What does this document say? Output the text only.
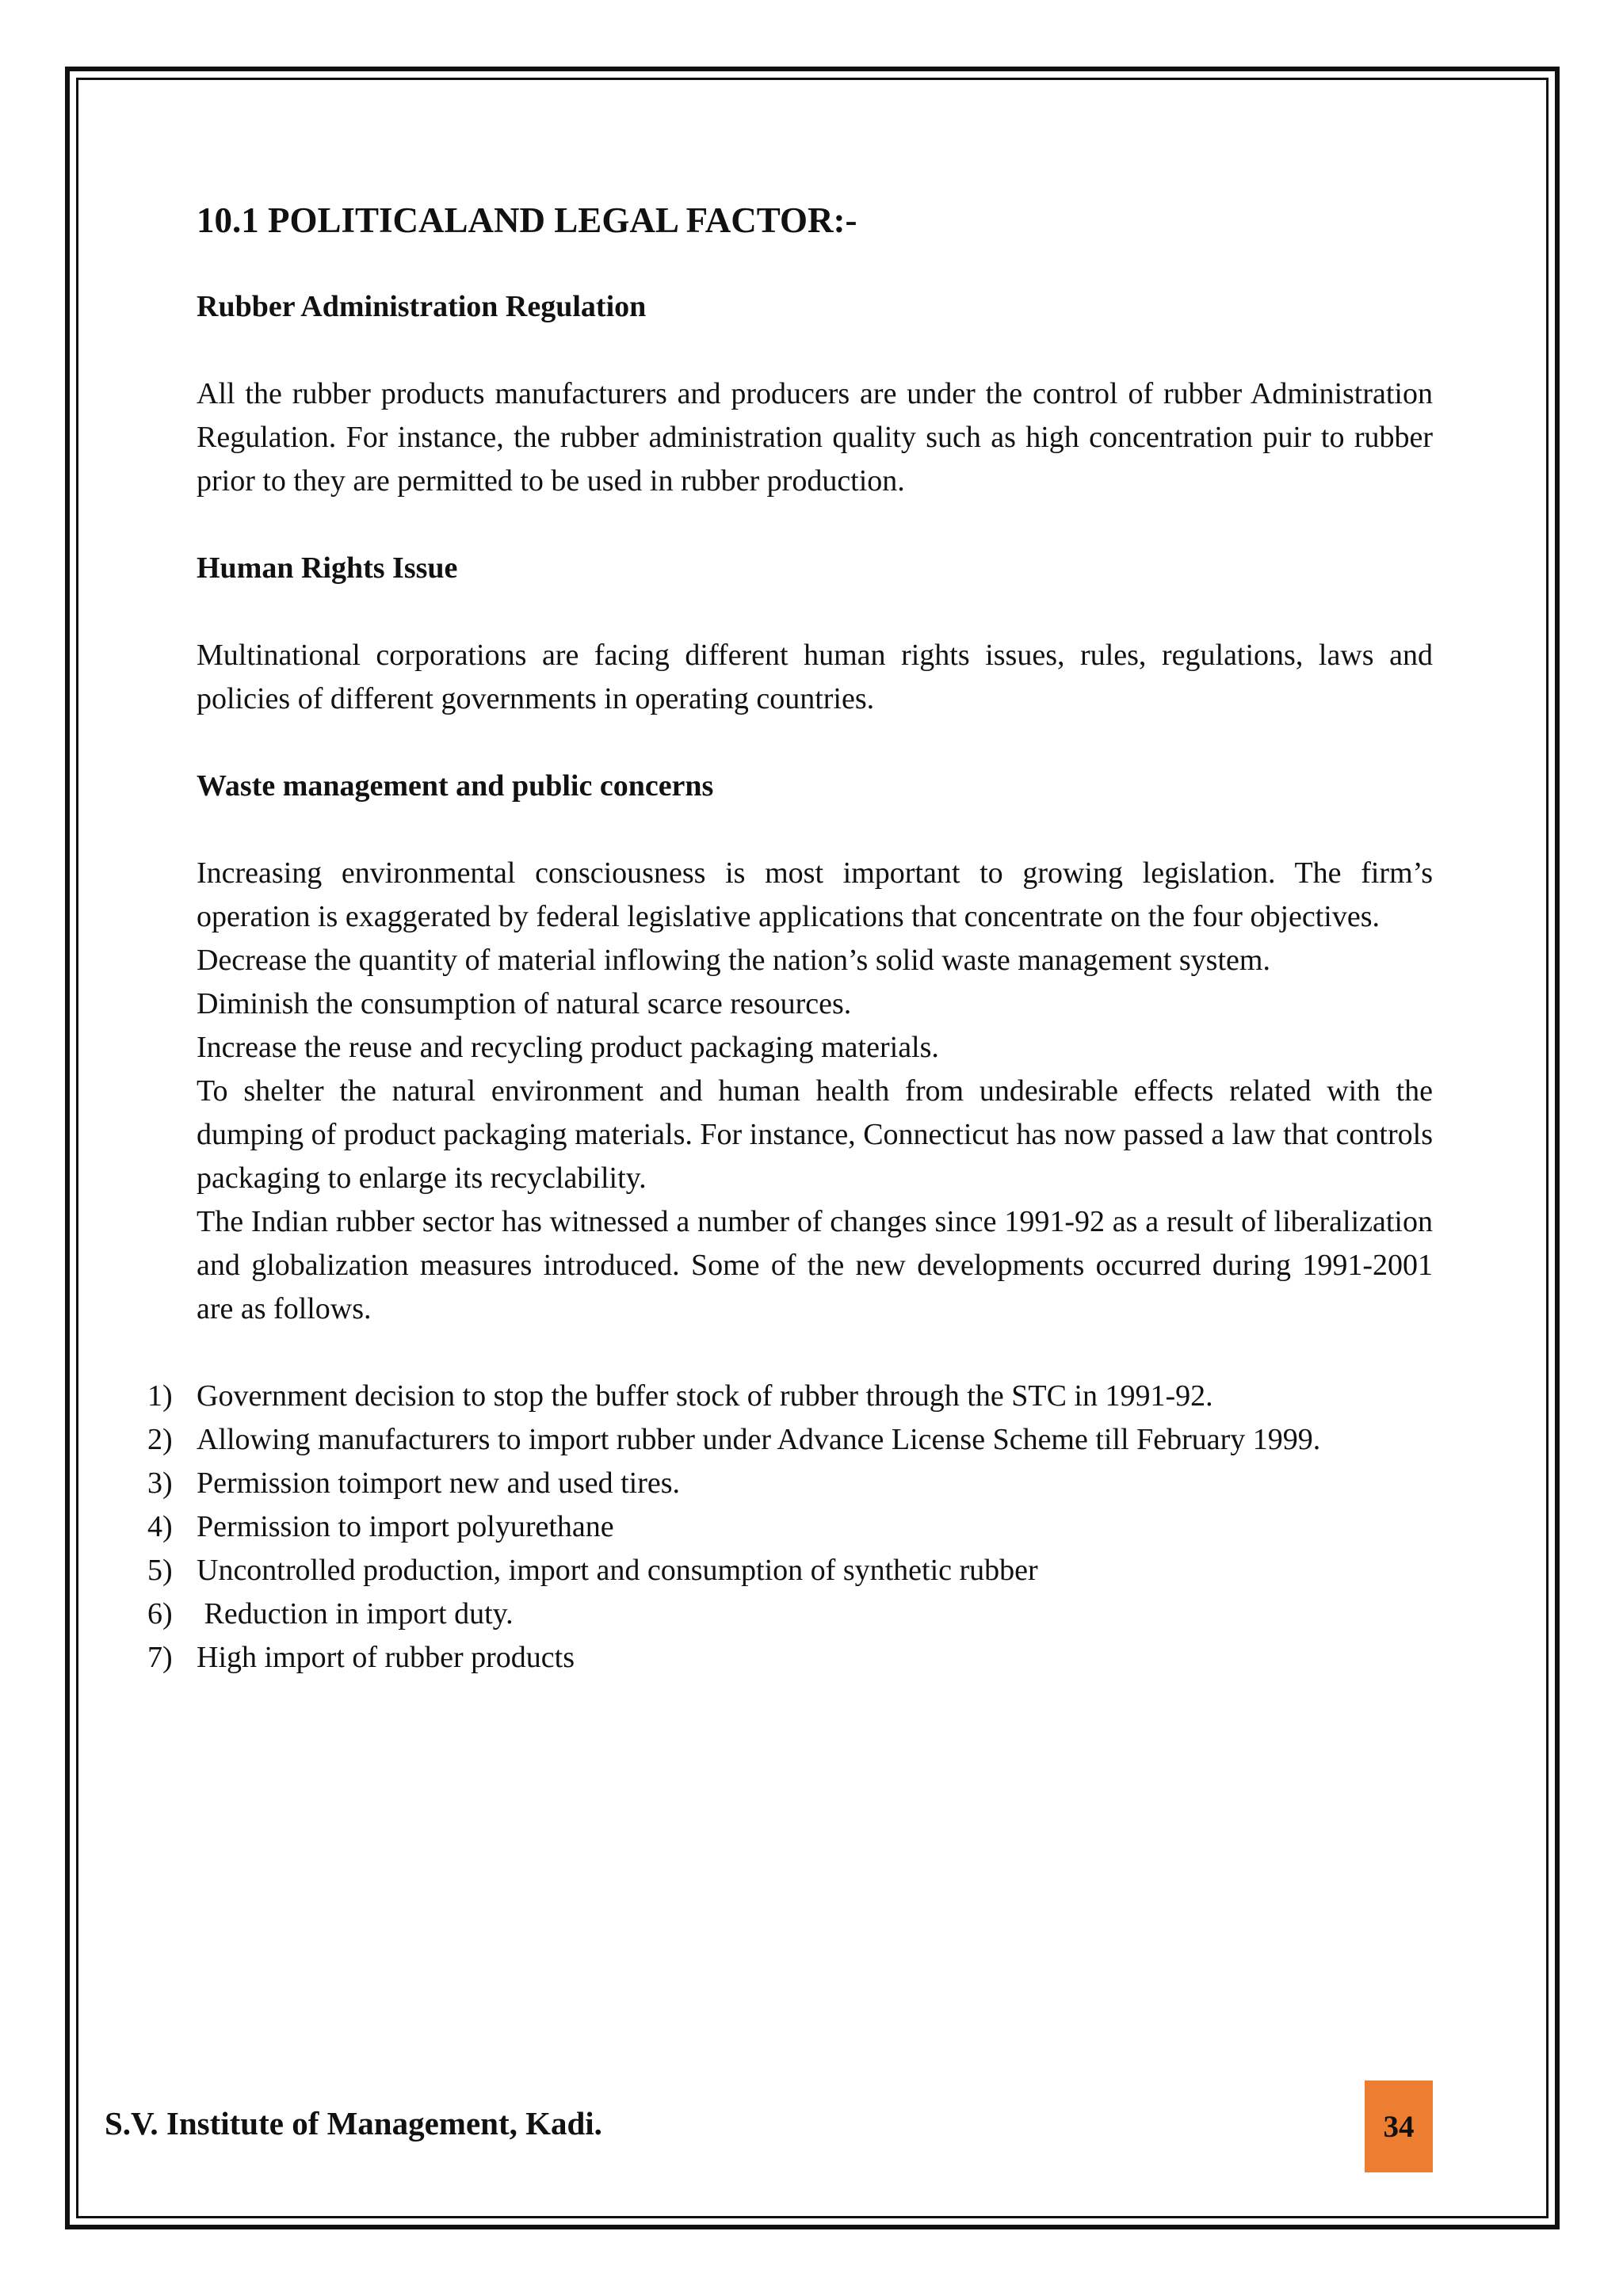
10.1 POLITICALAND LEGAL FACTOR:-

Rubber Administration Regulation

All the rubber products manufacturers and producers are under the control of rubber Administration Regulation. For instance, the rubber administration quality such as high concentration puir to rubber prior to they are permitted to be used in rubber production.

Human Rights Issue

Multinational corporations are facing different human rights issues, rules, regulations, laws and policies of different governments in operating countries.

Waste management and public concerns

Increasing environmental consciousness is most important to growing legislation. The firm’s operation is exaggerated by federal legislative applications that concentrate on the four objectives.

Decrease the quantity of material inflowing the nation’s solid waste management system.

Diminish the consumption of natural scarce resources.

Increase the reuse and recycling product packaging materials.

To shelter the natural environment and human health from undesirable effects related with the dumping of product packaging materials. For instance, Connecticut has now passed a law that controls packaging to enlarge its recyclability.

The Indian rubber sector has witnessed a number of changes since 1991-92 as a result of liberalization and globalization measures introduced. Some of the new developments occurred during 1991-2001 are as follows.

1) Government decision to stop the buffer stock of rubber through the STC in 1991-92.
2) Allowing manufacturers to import rubber under Advance License Scheme till February 1999.
3) Permission toimport new and used tires.
4) Permission to import polyurethane
5) Uncontrolled production, import and consumption of synthetic rubber
6) Reduction in import duty.
7) High import of rubber products
S.V. Institute of Management, Kadi.	34
